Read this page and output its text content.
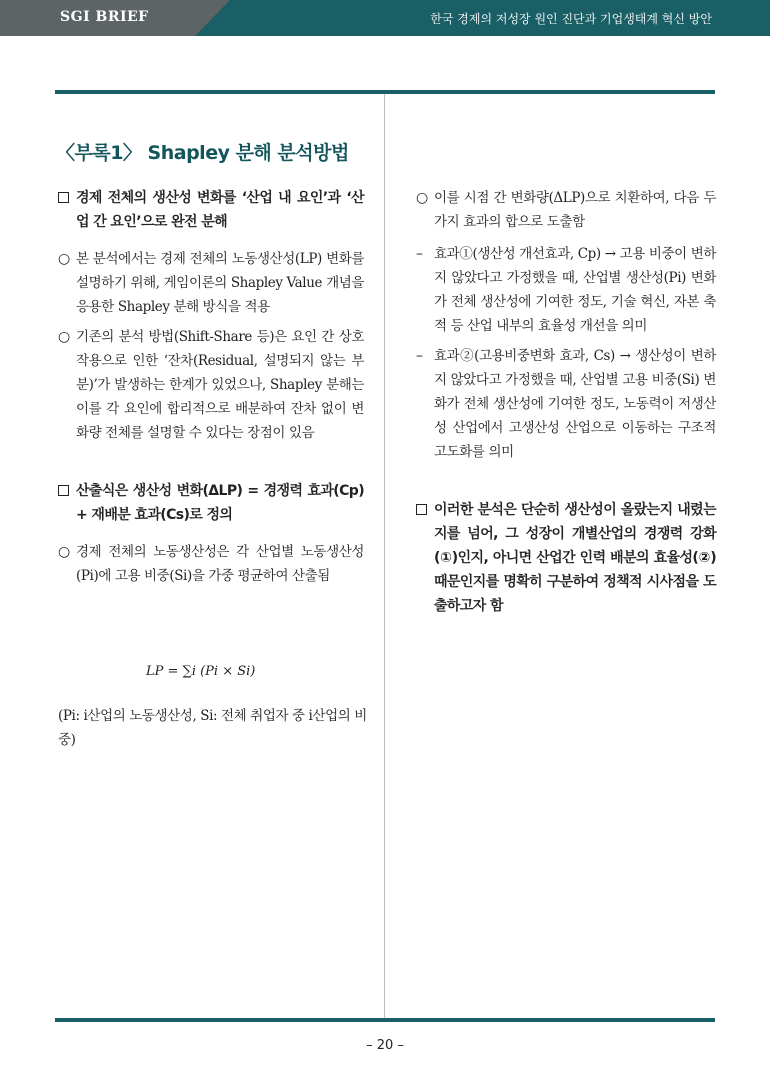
SGI BRIEF	한국 경제의 저성장 원인 진단과 기업생태계 혁신 방안
〈부록1〉 Shapley 분해 분석방법
경제 전체의 생산성 변화를 ‘산업 내 요인’과 ‘산업 간 요인’으로 완전 분해
○ 본 분석에서는 경제 전체의 노동생산성(LP) 변화를 설명하기 위해, 게임이론의 Shapley Value 개념을 응용한 Shapley 분해 방식을 적용
○ 기존의 분석 방법(Shift-Share 등)은 요인 간 상호작용으로 인한 ‘잔차(Residual, 설명되지 않는 부분)’가 발생하는 한계가 있었으나, Shapley 분해는 이를 각 요인에 합리적으로 배분하여 잔차 없이 변화량 전체를 설명할 수 있다는 장점이 있음
산출식은 생산성 변화(ΔLP) = 경쟁력 효과(Cp) + 재배분 효과(Cs)로 정의
○ 경제 전체의 노동생산성은 각 산업별 노동생산성(Pi)에 고용 비중(Si)을 가중 평균하여 산출됨
LP = ∑i (Pi × Si)
(Pi: i산업의 노동생산성, Si: 전체 취업자 중 i산업의 비중)
○ 이를 시점 간 변화량(ΔLP)으로 치환하여, 다음 두 가지 효과의 합으로 도출함
– 효과①(생산성 개선효과, Cp) → 고용 비중이 변하지 않았다고 가정했을 때, 산업별 생산성(Pi) 변화가 전체 생산성에 기여한 정도, 기술 혁신, 자본 축적 등 산업 내부의 효율성 개선을 의미
– 효과②(고용비중변화 효과, Cs) → 생산성이 변하지 않았다고 가정했을 때, 산업별 고용 비중(Si) 변화가 전체 생산성에 기여한 정도, 노동력이 저생산성 산업에서 고생산성 산업으로 이동하는 구조적 고도화를 의미
이러한 분석은 단순히 생산성이 올랐는지 내렸는지를 넘어, 그 성장이 개별산업의 경쟁력 강화(①)인지, 아니면 산업간 인력 배분의 효율성(②) 때문인지를 명확히 구분하여 정책적 시사점을 도출하고자 함
– 20 –
